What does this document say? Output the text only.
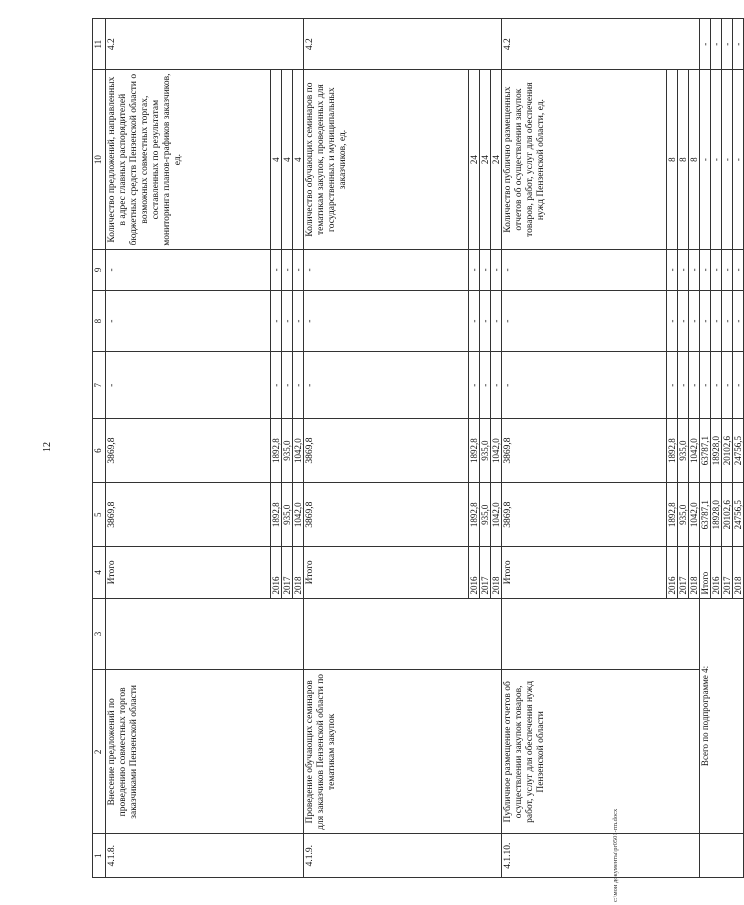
12
c:\мои документы\pr0501-rm.docx
1	2	3	4	5	6	7	8	9	10	11
4.1.8.	Внесение предложений по проведению совместных торгов заказчиками Пензенской области		Итого	3869,8	3869,8	-	-	-	Количество предложений, направленных в адрес главных распорядителей бюджетных средств Пензенской области о возможных совместных торгах, составленных по результатам мониторинга планов-графиков заказчиков, ед.	4.2
			2016	1892,8	1892,8	-	-	-	4	
			2017	935,0	935,0	-	-	-	4	
			2018	1042,0	1042,0	-	-	-	4	
4.1.9.	Проведение обучающих семинаров для заказчиков Пензенской области по тематикам закупок		Итого	3869,8	3869,8	-	-	-	Количество обучающих семинаров по тематикам закупок, проведенных для государственных и муниципальных заказчиков, ед.	4.2
			2016	1892,8	1892,8	-	-	-	24	
			2017	935,0	935,0	-	-	-	24	
			2018	1042,0	1042,0	-	-	-	24	
4.1.10.	Публичное размещение отчетов об осуществлении закупок товаров, работ, услуг для обеспечения нужд Пензенской области		Итого	3869,8	3869,8	-	-	-	Количество публично размещенных отчетов об осуществлении закупок товаров, работ, услуг для обеспечения нужд Пензенской области, ед.	4.2
			2016	1892,8	1892,8	-	-	-	8	
			2017	935,0	935,0	-	-	-	8	
			2018	1042,0	1042,0	-	-	-	8	
	Всего по подпрограмме 4:		Итого	63787,1	63787,1	-	-	-	-	-
			2016	18928,0	18928,0	-	-	-	-	-
			2017	20102,6	20102,6	-	-	-	-	-
			2018	24756,5	24756,5	-	-	-	-	-
